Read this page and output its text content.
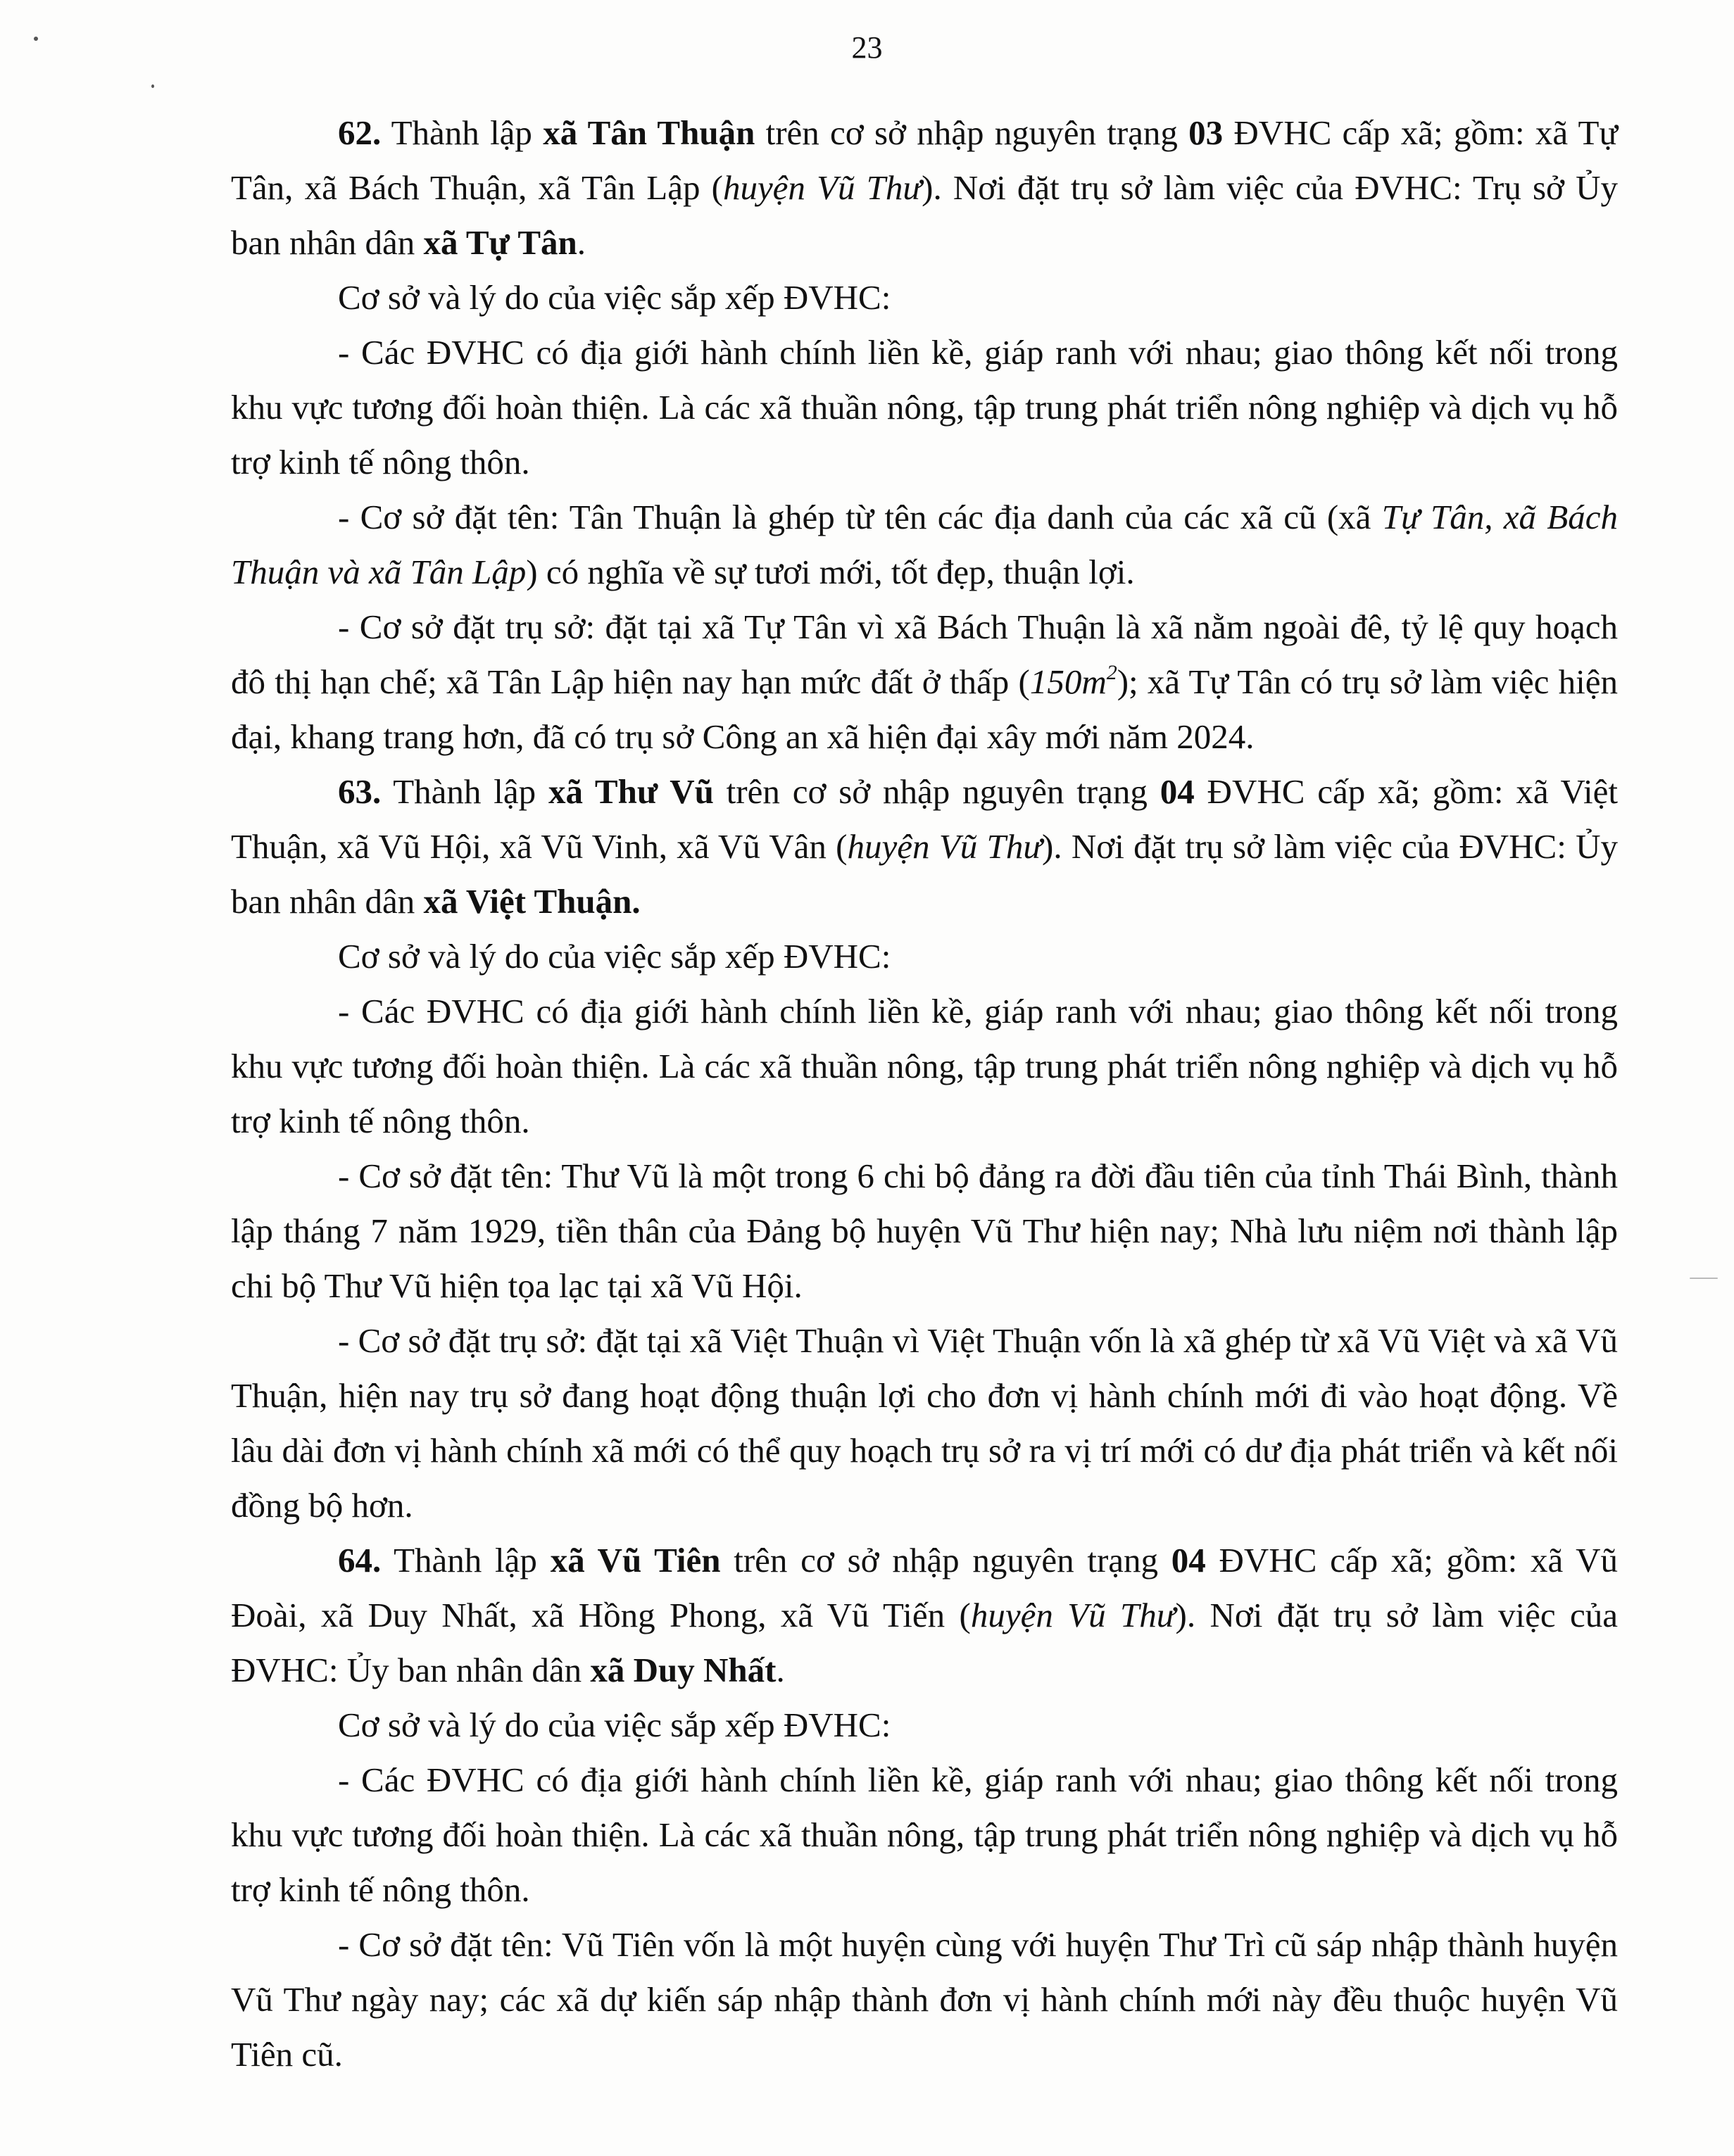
23

62. Thành lập xã Tân Thuận trên cơ sở nhập nguyên trạng 03 ĐVHC cấp xã; gồm: xã Tự Tân, xã Bách Thuận, xã Tân Lập (huyện Vũ Thư). Nơi đặt trụ sở làm việc của ĐVHC: Trụ sở Ủy ban nhân dân xã Tự Tân.

Cơ sở và lý do của việc sắp xếp ĐVHC:

- Các ĐVHC có địa giới hành chính liền kề, giáp ranh với nhau; giao thông kết nối trong khu vực tương đối hoàn thiện. Là các xã thuần nông, tập trung phát triển nông nghiệp và dịch vụ hỗ trợ kinh tế nông thôn.

- Cơ sở đặt tên: Tân Thuận là ghép từ tên các địa danh của các xã cũ (xã Tự Tân, xã Bách Thuận và xã Tân Lập) có nghĩa về sự tươi mới, tốt đẹp, thuận lợi.

- Cơ sở đặt trụ sở: đặt tại xã Tự Tân vì xã Bách Thuận là xã nằm ngoài đê, tỷ lệ quy hoạch đô thị hạn chế; xã Tân Lập hiện nay hạn mức đất ở thấp $(150m^2)$; xã Tự Tân có trụ sở làm việc hiện đại, khang trang hơn, đã có trụ sở Công an xã hiện đại xây mới năm 2024.

63. Thành lập xã Thư Vũ trên cơ sở nhập nguyên trạng 04 ĐVHC cấp xã; gồm: xã Việt Thuận, xã Vũ Hội, xã Vũ Vinh, xã Vũ Vân (huyện Vũ Thư). Nơi đặt trụ sở làm việc của ĐVHC: Ủy ban nhân dân xã Việt Thuận.

Cơ sở và lý do của việc sắp xếp ĐVHC:

- Các ĐVHC có địa giới hành chính liền kề, giáp ranh với nhau; giao thông kết nối trong khu vực tương đối hoàn thiện. Là các xã thuần nông, tập trung phát triển nông nghiệp và dịch vụ hỗ trợ kinh tế nông thôn.

- Cơ sở đặt tên: Thư Vũ là một trong 6 chi bộ đảng ra đời đầu tiên của tỉnh Thái Bình, thành lập tháng 7 năm 1929, tiền thân của Đảng bộ huyện Vũ Thư hiện nay; Nhà lưu niệm nơi thành lập chi bộ Thư Vũ hiện tọa lạc tại xã Vũ Hội.

- Cơ sở đặt trụ sở: đặt tại xã Việt Thuận vì Việt Thuận vốn là xã ghép từ xã Vũ Việt và xã Vũ Thuận, hiện nay trụ sở đang hoạt động thuận lợi cho đơn vị hành chính mới đi vào hoạt động. Về lâu dài đơn vị hành chính xã mới có thể quy hoạch trụ sở ra vị trí mới có dư địa phát triển và kết nối đồng bộ hơn.

64. Thành lập xã Vũ Tiên trên cơ sở nhập nguyên trạng 04 ĐVHC cấp xã; gồm: xã Vũ Đoài, xã Duy Nhất, xã Hồng Phong, xã Vũ Tiến (huyện Vũ Thư). Nơi đặt trụ sở làm việc của ĐVHC: Ủy ban nhân dân xã Duy Nhất.

Cơ sở và lý do của việc sắp xếp ĐVHC:

- Các ĐVHC có địa giới hành chính liền kề, giáp ranh với nhau; giao thông kết nối trong khu vực tương đối hoàn thiện. Là các xã thuần nông, tập trung phát triển nông nghiệp và dịch vụ hỗ trợ kinh tế nông thôn.

- Cơ sở đặt tên: Vũ Tiên vốn là một huyện cùng với huyện Thư Trì cũ sáp nhập thành huyện Vũ Thư ngày nay; các xã dự kiến sáp nhập thành đơn vị hành chính mới này đều thuộc huyện Vũ Tiên cũ.
